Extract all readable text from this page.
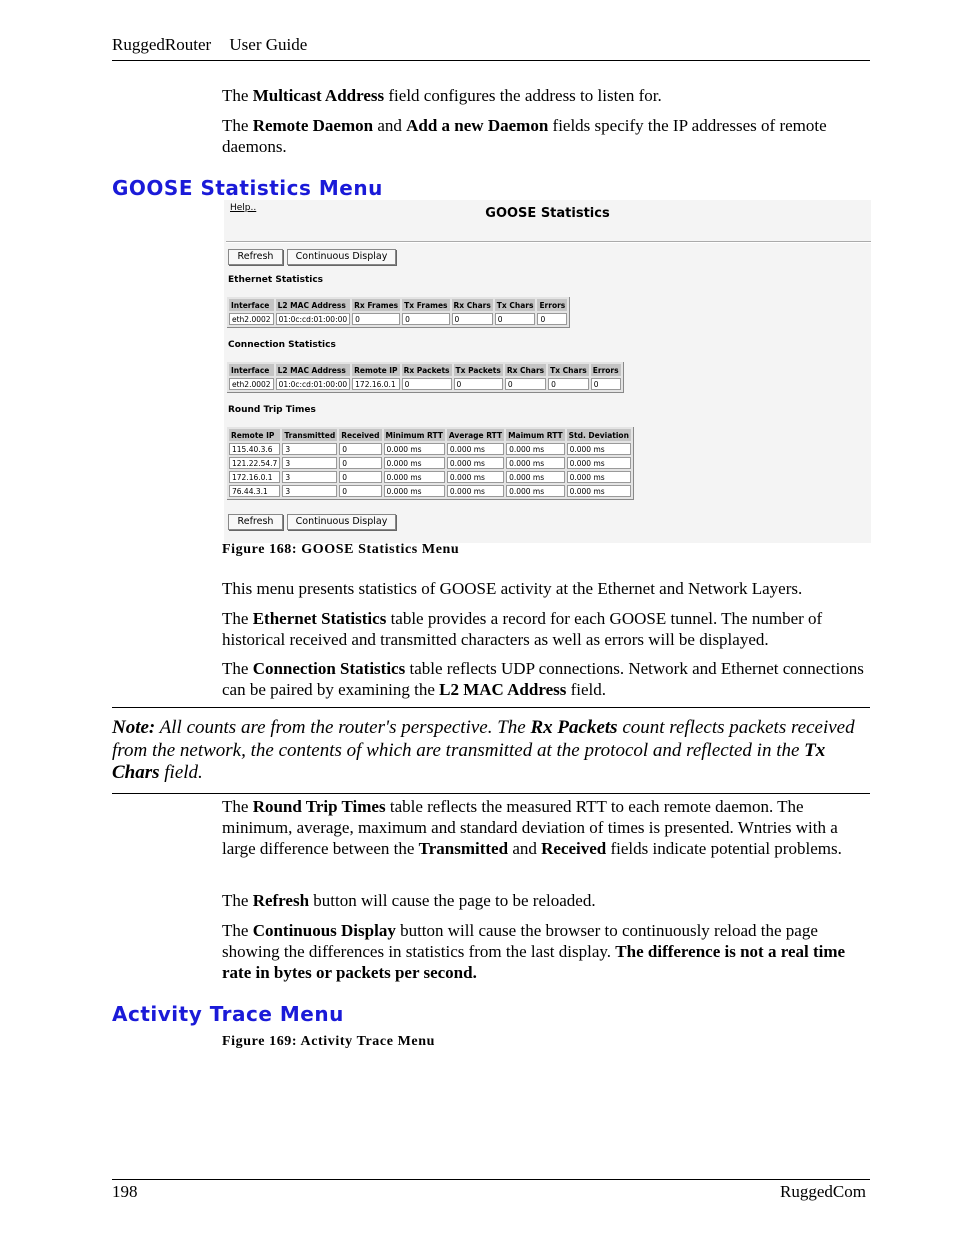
RuggedRouter User Guide

The Multicast Address field configures the address to listen for.

The Remote Daemon and Add a new Daemon fields specify the IP addresses of remote daemons.

GOOSE Statistics Menu
Help..	GOOSE Statistics
Refresh	Continuous Display
Ethernet Statistics
Interface	L2 MAC Address	Rx Frames	Tx Frames	Rx Chars	Tx Chars	Errors
eth2.0002	01:0c:cd:01:00:00	0	0	0	0	0
Connection Statistics
Interface	L2 MAC Address	Remote IP	Rx Packets	Tx Packets	Rx Chars	Tx Chars	Errors
eth2.0002	01:0c:cd:01:00:00	172.16.0.1	0	0	0	0	0
Round Trip Times
Remote IP	Transmitted	Received	Minimum RTT	Average RTT	Maimum RTT	Std. Deviation
115.40.3.6	3	0	0.000 ms	0.000 ms	0.000 ms	0.000 ms
121.22.54.7	3	0	0.000 ms	0.000 ms	0.000 ms	0.000 ms
172.16.0.1	3	0	0.000 ms	0.000 ms	0.000 ms	0.000 ms
76.44.3.1	3	0	0.000 ms	0.000 ms	0.000 ms	0.000 ms
Refresh	Continuous Display
Figure 168: GOOSE Statistics Menu

This menu presents statistics of GOOSE activity at the Ethernet and Network Layers.

The Ethernet Statistics table provides a record for each GOOSE tunnel. The number of historical received and transmitted characters as well as errors will be displayed.

The Connection Statistics table reflects UDP connections. Network and Ethernet connections can be paired by examining the L2 MAC Address field.

Note: All counts are from the router's perspective. The Rx Packets count reflects packets received from the network, the contents of which are transmitted at the protocol and reflected in the Tx Chars field.

The Round Trip Times table reflects the measured RTT to each remote daemon. The minimum, average, maximum and standard deviation of times is presented. Wntries with a large difference between the Transmitted and Received fields indicate potential problems.

The Refresh button will cause the page to be reloaded.

The Continuous Display button will cause the browser to continuously reload the page showing the differences in statistics from the last display. The difference is not a real time rate in bytes or packets per second.

Activity Trace Menu
Figure 169: Activity Trace Menu
198	RuggedCom
